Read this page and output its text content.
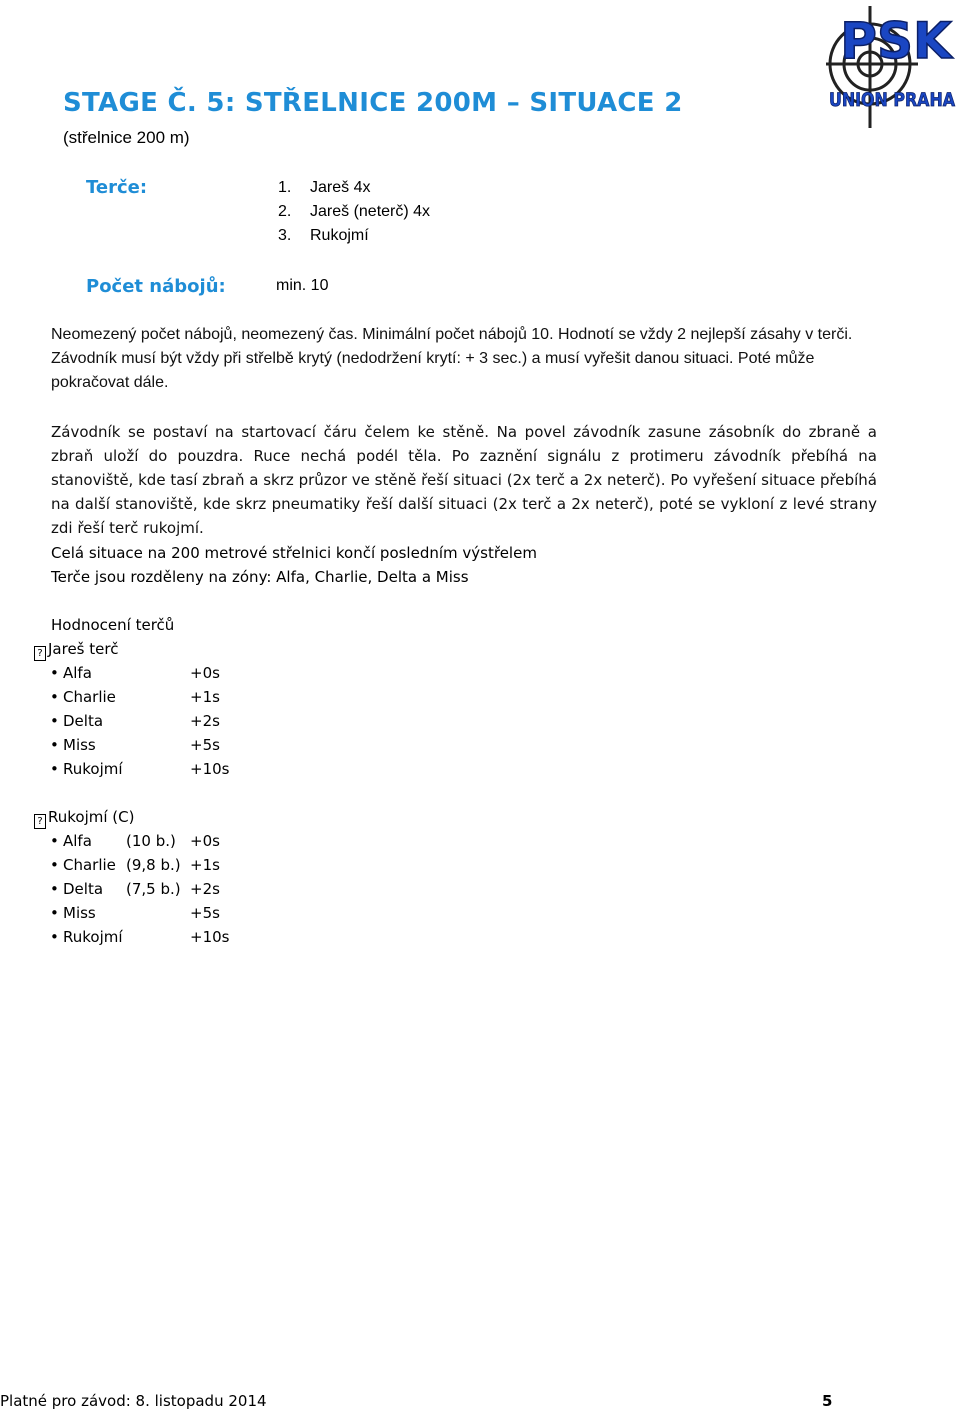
PSK
UNION PRAHA
STAGE Č. 5: STŘELNICE 200M – SITUACE 2
(střelnice 200 m)
Terče:	1. Jareš 4x
2. Jareš (neterč) 4x
3. Rukojmí
Počet nábojů:	min. 10

Neomezený počet nábojů, neomezený čas. Minimální počet nábojů 10. Hodnotí se vždy 2 nejlepší zásahy v terči. Závodník musí být vždy při střelbě krytý (nedodržení krytí: + 3 sec.) a musí vyřešit danou situaci. Poté může pokračovat dále.

Závodník se postaví na startovací čáru čelem ke stěně. Na povel závodník zasune zásobník do zbraně a zbraň uloží do pouzdra. Ruce nechá podél těla. Po zaznění signálu z protimeru závodník přebíhá na stanoviště, kde tasí zbraň a skrz průzor ve stěně řeší situaci (2x terč a 2x neterč). Po vyřešení situace přebíhá na další stanoviště, kde skrz pneumatiky řeší další situaci (2x terč a 2x neterč), poté se vykloní z levé strany zdi řeší terč rukojmí.

Celá situace na 200 metrové střelnici končí posledním výstřelem
Terče jsou rozděleny na zóny: Alfa, Charlie, Delta a Miss
Hodnocení terčů
? Jareš terč
• Alfa	+0s
• Charlie	+1s
• Delta	+2s
• Miss	+5s
• Rukojmí	+10s
? Rukojmí (C)
• Alfa (10 b.) +0s
• Charlie (9,8 b.) +1s
• Delta (7,5 b.) +2s
• Miss	+5s
• Rukojmí	+10s
Platné pro závod: 8. listopadu 2014	5
